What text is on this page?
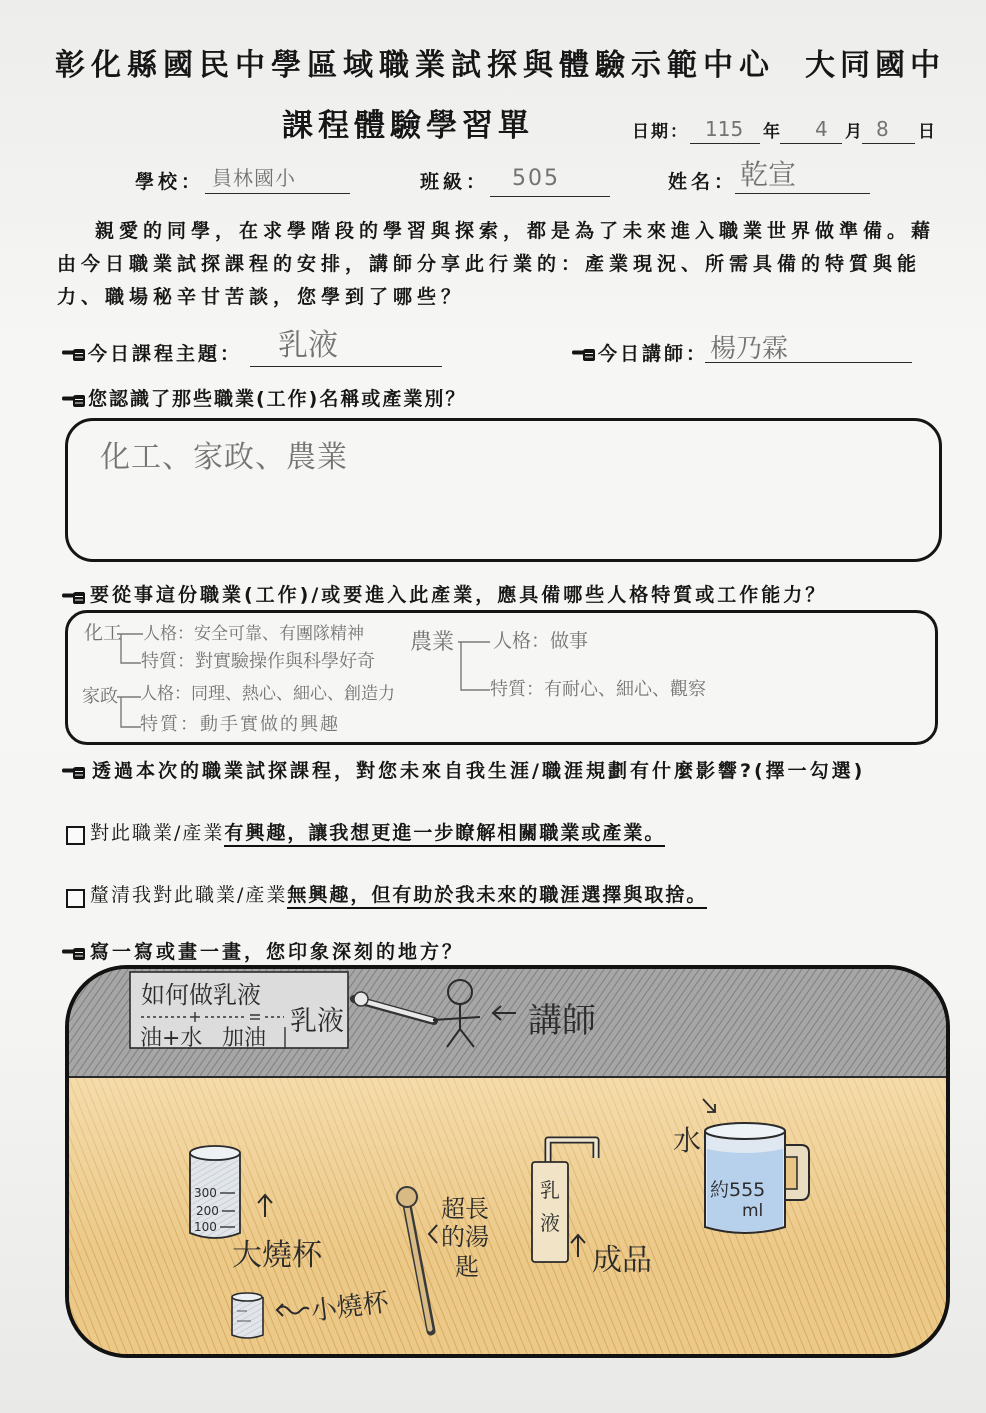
彰化縣國民中學區域職業試探與體驗示範中心 大同國中
課程體驗學習單	日期： 115 年 4 月 8 日
學校： 員林國小	班級： 505	姓名： 乾宣
親愛的同學，在求學階段的學習與探索，都是為了未來進入職業世界做準備。藉
由今日職業試探課程的安排，講師分享此行業的：產業現況、所需具備的特質與能
力、職場秘辛甘苦談，您學到了哪些？
今日課程主題： 乳液	今日講師： 楊乃霖
您認識了那些職業(工作)名稱或產業別？
化工、家政、農業
要從事這份職業(工作)/或要進入此產業，應具備哪些人格特質或工作能力？
化工 人格：安全可靠、有團隊精神
特質：對實驗操作與科學好奇
家政 人格：同理、熱心、細心、創造力
特質：動手實做的興趣
農業 人格：做事
特質：有耐心、細心、觀察
透過本次的職業試探課程，對您未來自我生涯/職涯規劃有什麼影響?(擇一勾選)
對此職業/產業有興趣，讓我想更進一步瞭解相關職業或產業。
釐清我對此職業/產業無興趣，但有助於我未來的職涯選擇與取捨。
寫一寫或畫一畫，您印象深刻的地方？
如何做乳液
油+水 加油
乳液	講師
300
200
100
大燒杯
小燒杯
超長
的湯
匙
乳
液
成品
水
約555
ml
